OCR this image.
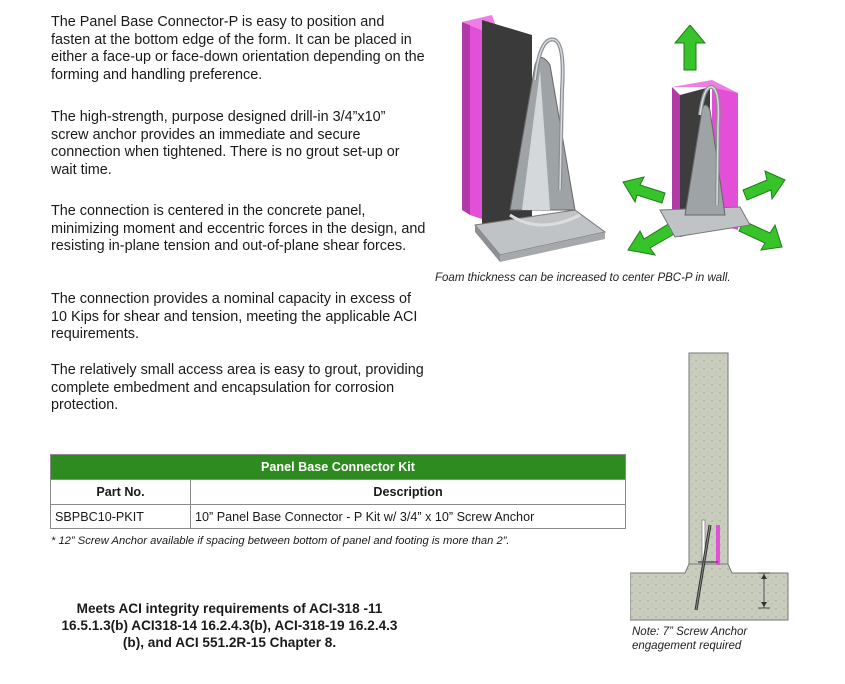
The Panel Base Connector-P is easy to position and fasten at the bottom edge of the form. It can be placed in either a face-up or face-down orientation depending on the forming and handling preference.

The high-strength, purpose designed drill-in 3/4”x10” screw anchor provides an immediate and secure connection when tightened. There is no grout set-up or wait time.

The connection is centered in the concrete panel, minimizing moment and eccentric forces in the design, and resisting in-plane tension and out-of-plane shear forces.

The connection provides a nominal capacity in excess of 10 Kips for shear and tension, meeting the applicable ACI requirements.

The relatively small access area is easy to grout, providing complete embedment and encapsulation for corrosion protection.

Foam thickness can be increased to center PBC-P in wall.
Panel Base Connector Kit	
Part No.	Description
SBPBC10-PKIT	10” Panel Base Connector - P Kit w/ 3/4” x 10” Screw Anchor
* 12” Screw Anchor available if spacing between bottom of panel and footing is more than 2”.
Meets ACI integrity requirements of ACI-318 -11 16.5.1.3(b) ACI318-14 16.2.4.3(b), ACI-318-19 16.2.4.3 (b), and ACI 551.2R-15 Chapter 8.
Note: 7” Screw Anchor
engagement required
